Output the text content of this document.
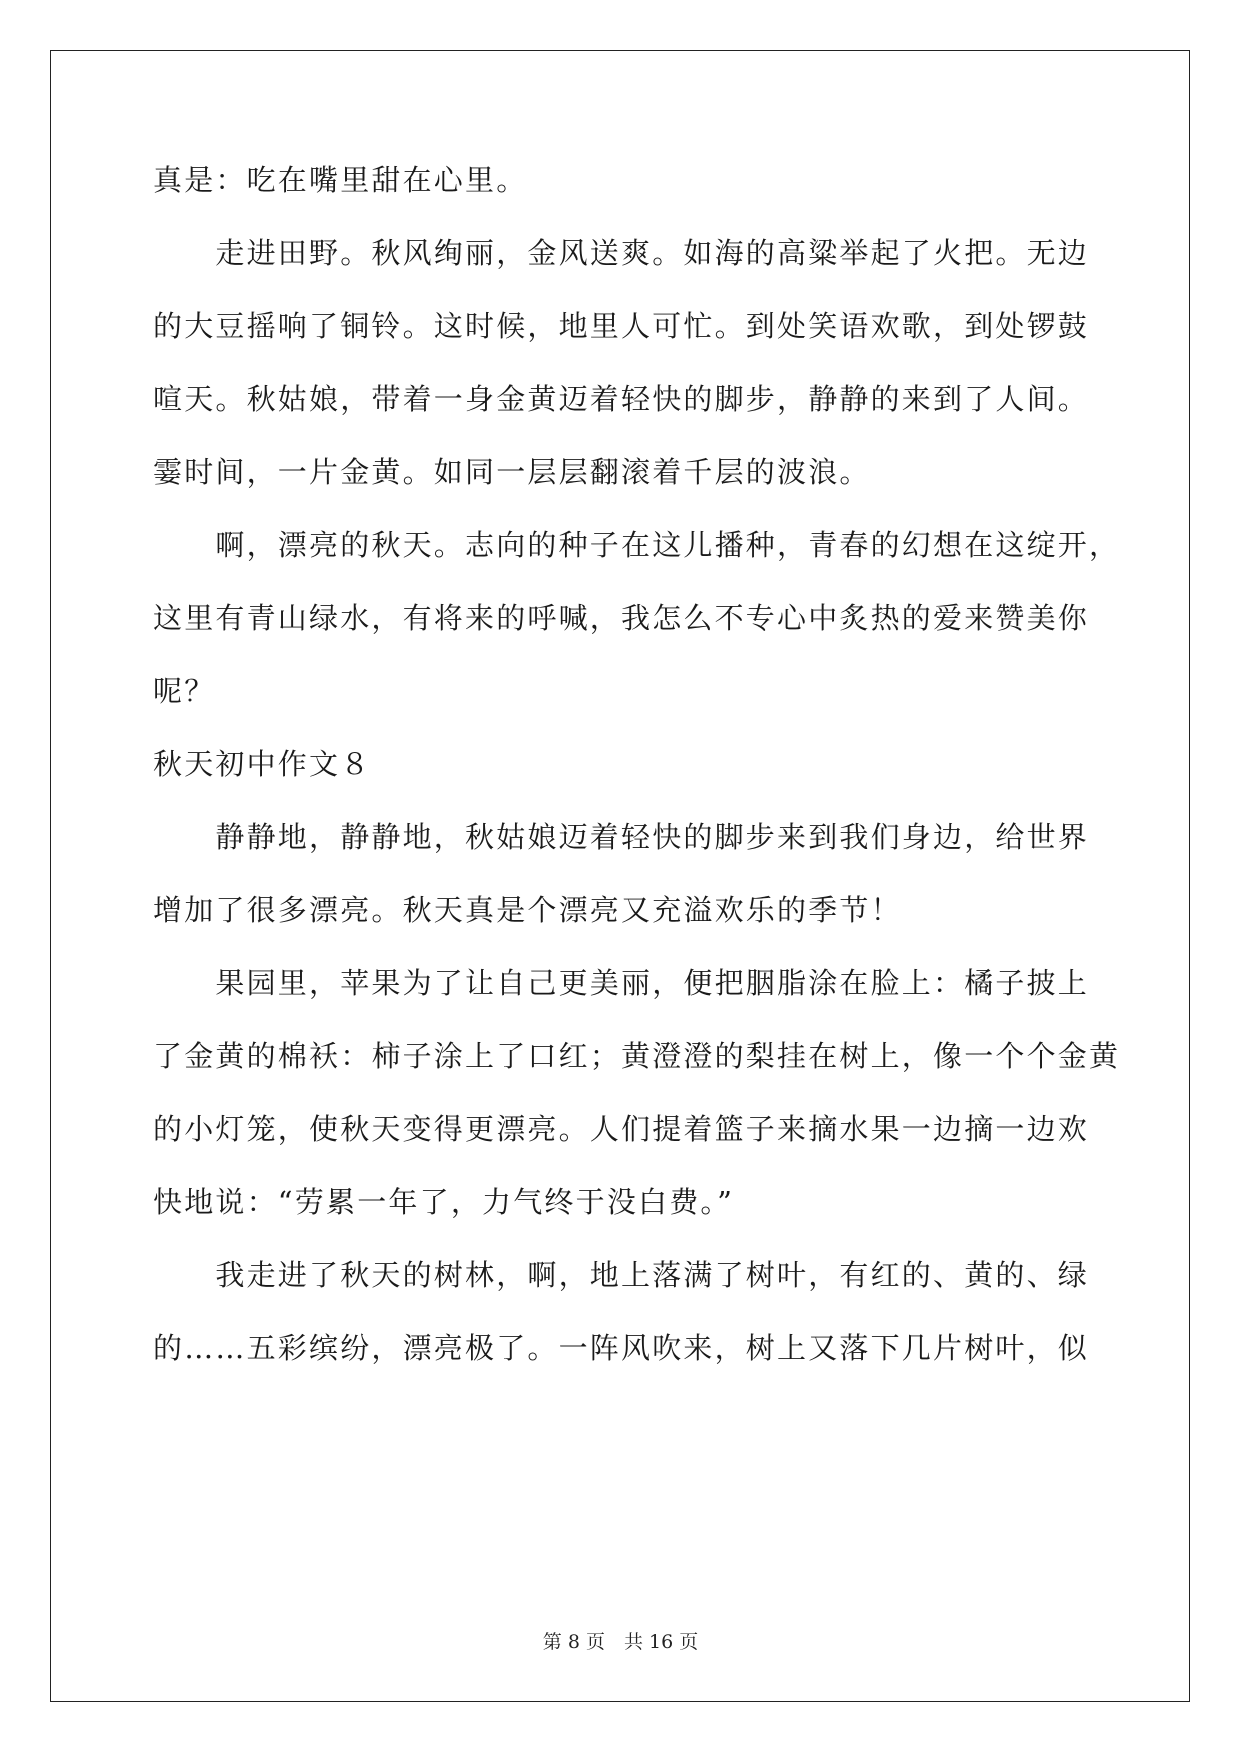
真是：吃在嘴里甜在心里。
　　走进田野。秋风绚丽，金风送爽。如海的高粱举起了火把。无边
的大豆摇响了铜铃。这时候，地里人可忙。到处笑语欢歌，到处锣鼓
喧天。秋姑娘，带着一身金黄迈着轻快的脚步，静静的来到了人间。
霎时间，一片金黄。如同一层层翻滚着千层的波浪。
　　啊，漂亮的秋天。志向的种子在这儿播种，青春的幻想在这绽开，
这里有青山绿水，有将来的呼喊，我怎么不专心中炙热的爱来赞美你
呢？
秋天初中作文８
　　静静地，静静地，秋姑娘迈着轻快的脚步来到我们身边，给世界
增加了很多漂亮。秋天真是个漂亮又充溢欢乐的季节！
　　果园里，苹果为了让自己更美丽，便把胭脂涂在脸上：橘子披上
了金黄的棉袄：柿子涂上了口红；黄澄澄的梨挂在树上，像一个个金黄
的小灯笼，使秋天变得更漂亮。人们提着篮子来摘水果一边摘一边欢
快地说：“劳累一年了，力气终于没白费。”
　　我走进了秋天的树林，啊，地上落满了树叶，有红的、黄的、绿
的……五彩缤纷，漂亮极了。一阵风吹来，树上又落下几片树叶，似
第 8 页　共 16 页
